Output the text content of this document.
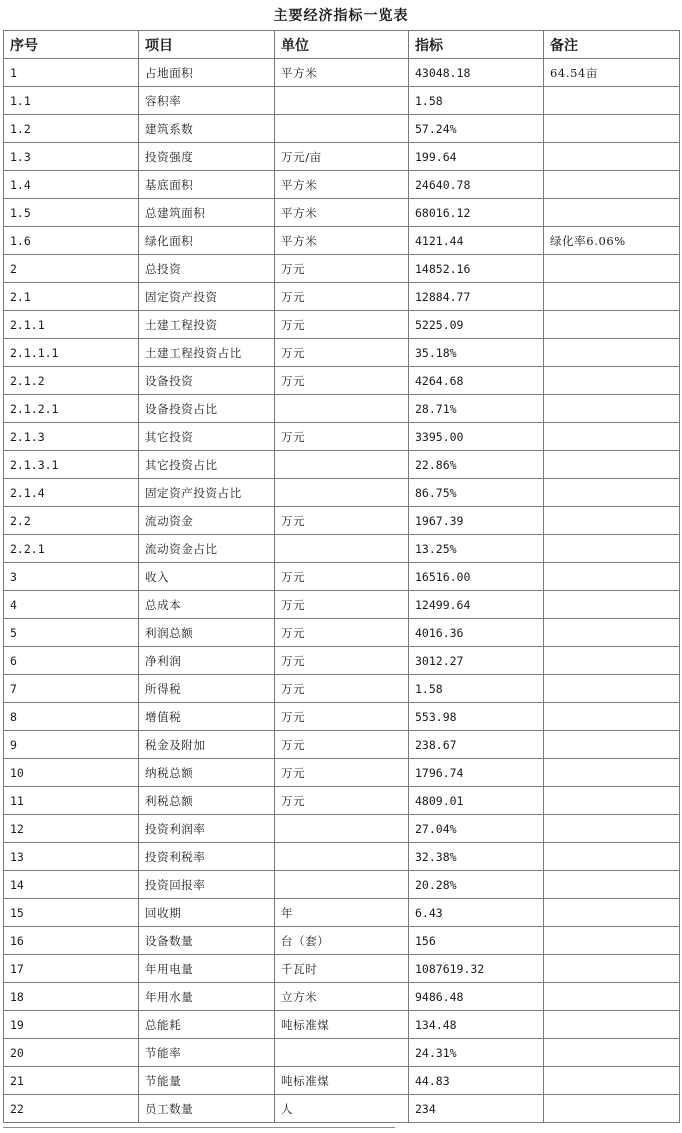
主要经济指标一览表
序号	项目	单位	指标	备注
1	占地面积	平方米	43048.18	64.54亩
1.1	容积率		1.58	
1.2	建筑系数		57.24%	
1.3	投资强度	万元/亩	199.64	
1.4	基底面积	平方米	24640.78	
1.5	总建筑面积	平方米	68016.12	
1.6	绿化面积	平方米	4121.44	绿化率6.06%
2	总投资	万元	14852.16	
2.1	固定资产投资	万元	12884.77	
2.1.1	土建工程投资	万元	5225.09	
2.1.1.1	土建工程投资占比	万元	35.18%	
2.1.2	设备投资	万元	4264.68	
2.1.2.1	设备投资占比		28.71%	
2.1.3	其它投资	万元	3395.00	
2.1.3.1	其它投资占比		22.86%	
2.1.4	固定资产投资占比		86.75%	
2.2	流动资金	万元	1967.39	
2.2.1	流动资金占比		13.25%	
3	收入	万元	16516.00	
4	总成本	万元	12499.64	
5	利润总额	万元	4016.36	
6	净利润	万元	3012.27	
7	所得税	万元	1.58	
8	增值税	万元	553.98	
9	税金及附加	万元	238.67	
10	纳税总额	万元	1796.74	
11	利税总额	万元	4809.01	
12	投资利润率		27.04%	
13	投资利税率		32.38%	
14	投资回报率		20.28%	
15	回收期	年	6.43	
16	设备数量	台（套）	156	
17	年用电量	千瓦时	1087619.32	
18	年用水量	立方米	9486.48	
19	总能耗	吨标准煤	134.48	
20	节能率		24.31%	
21	节能量	吨标准煤	44.83	
22	员工数量	人	234	
